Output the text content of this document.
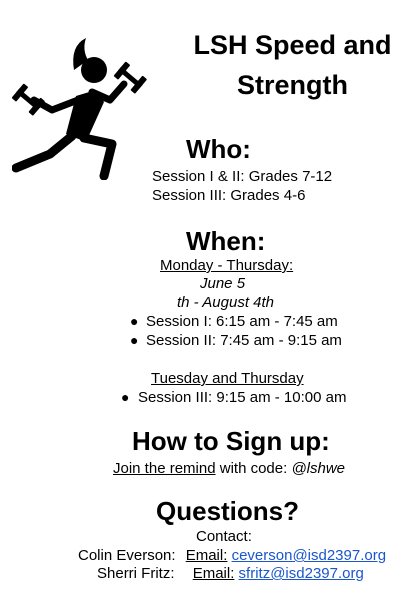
LSH Speed and
Strength
Who:
Session I & II: Grades 7-12
Session III: Grades 4-6
When:
Monday - Thursday:
June 5
th - August 4th
● Session I: 6:15 am - 7:45 am
● Session II: 7:45 am - 9:15 am
Tuesday and Thursday
● Session III: 9:15 am - 10:00 am
How to Sign up:
Join the remind with code: @lshwe
Questions?
Contact:
Colin Everson: Email: ceverson@isd2397.org
Sherri Fritz: Email: sfritz@isd2397.org
